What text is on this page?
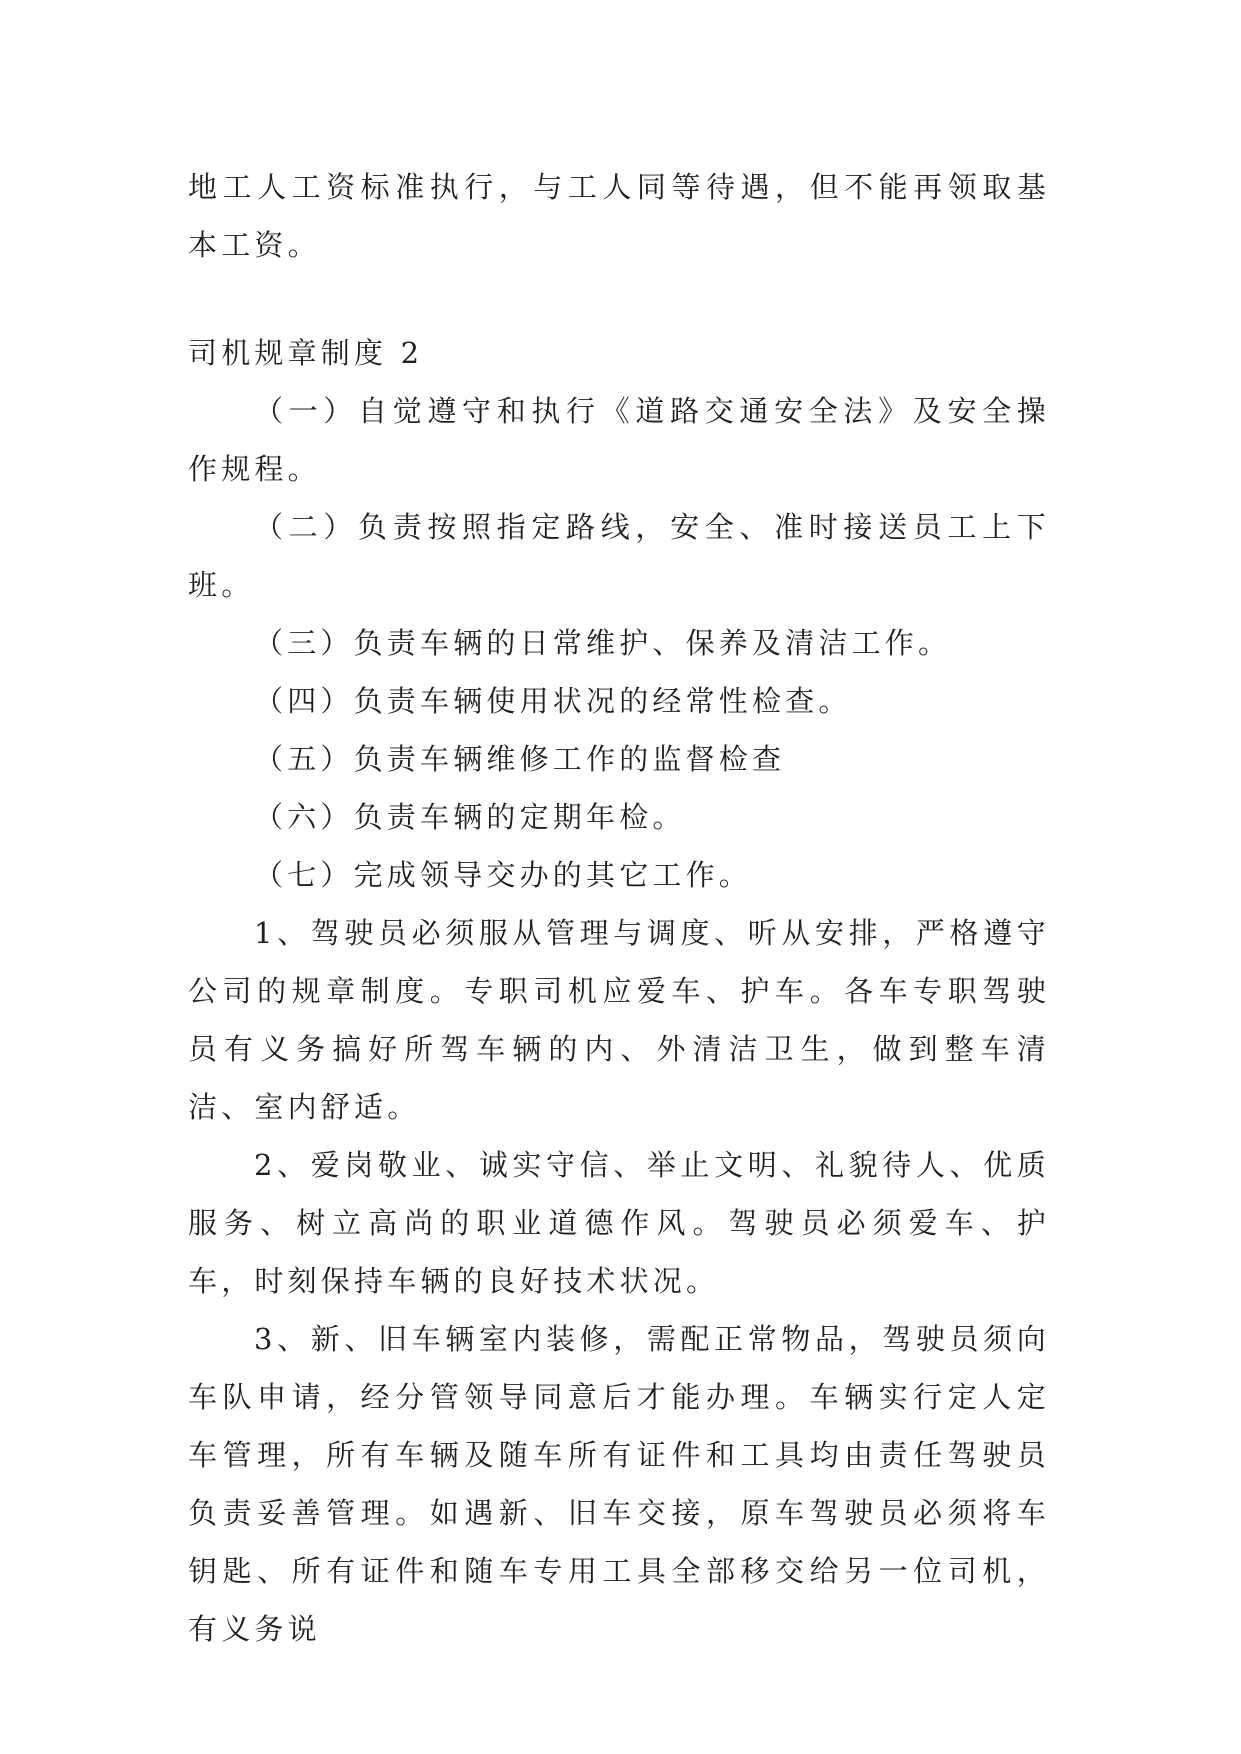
地工人工资标准执行，与工人同等待遇，但不能再领取基本工资。

司机规章制度 2

（一）自觉遵守和执行《道路交通安全法》及安全操作规程。

（二）负责按照指定路线，安全、准时接送员工上下班。

（三）负责车辆的日常维护、保养及清洁工作。

（四）负责车辆使用状况的经常性检查。

（五）负责车辆维修工作的监督检查

（六）负责车辆的定期年检。

（七）完成领导交办的其它工作。

1、驾驶员必须服从管理与调度、听从安排，严格遵守公司的规章制度。专职司机应爱车、护车。各车专职驾驶员有义务搞好所驾车辆的内、外清洁卫生，做到整车清洁、室内舒适。

2、爱岗敬业、诚实守信、举止文明、礼貌待人、优质服务、树立高尚的职业道德作风。驾驶员必须爱车、护车，时刻保持车辆的良好技术状况。

3、新、旧车辆室内装修，需配正常物品，驾驶员须向车队申请，经分管领导同意后才能办理。车辆实行定人定车管理，所有车辆及随车所有证件和工具均由责任驾驶员负责妥善管理。如遇新、旧车交接，原车驾驶员必须将车钥匙、所有证件和随车专用工具全部移交给另一位司机，有义务说
